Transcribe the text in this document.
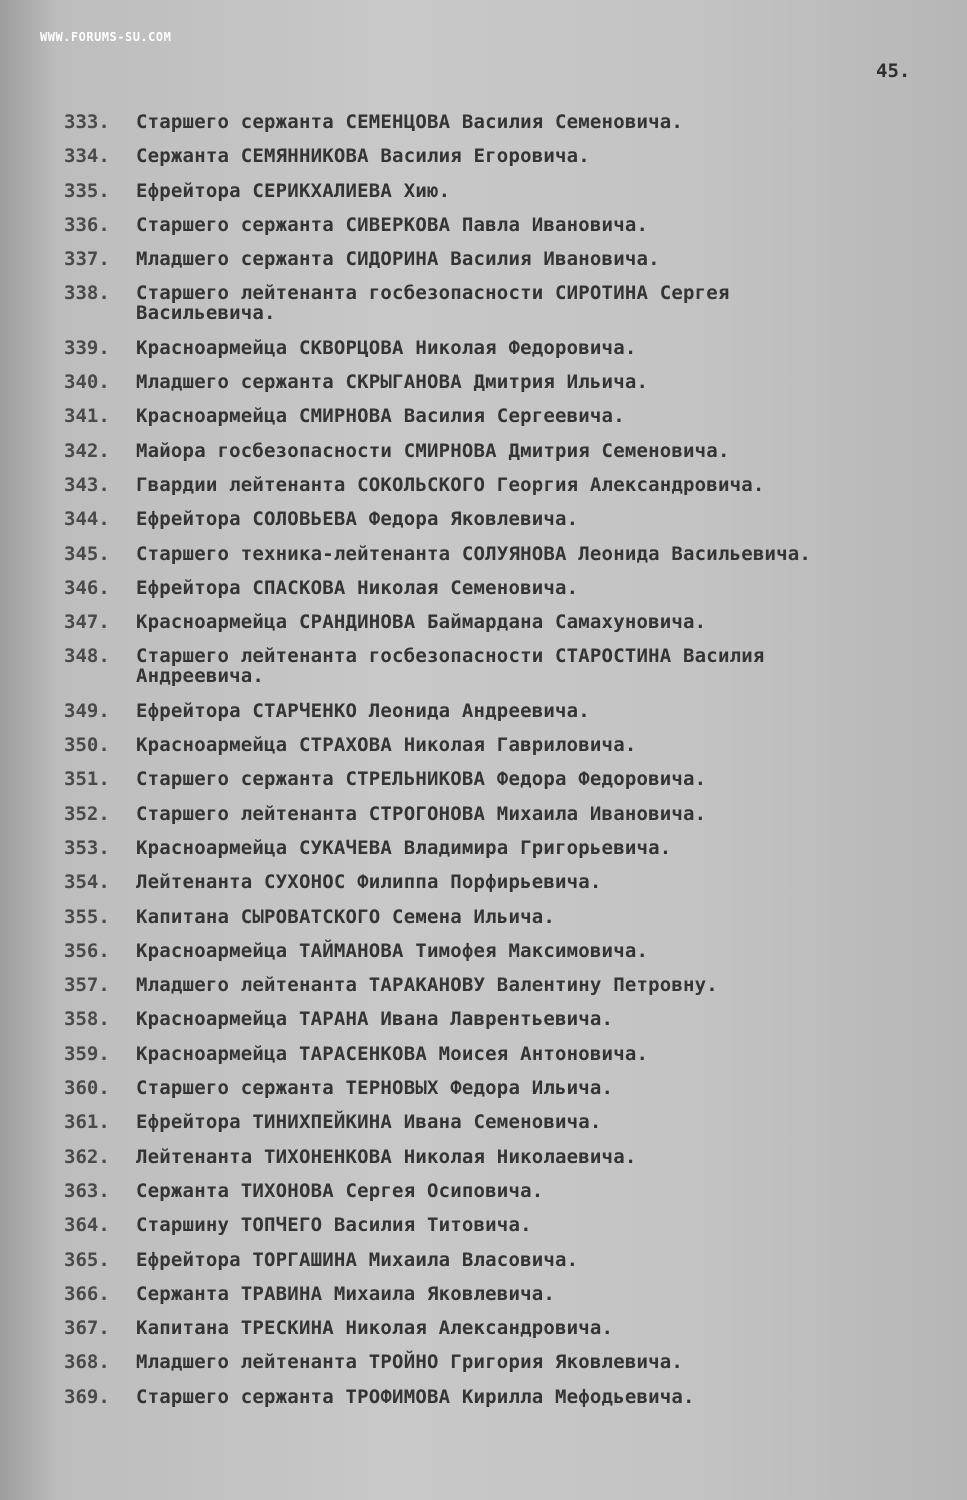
WWW.FORUMS-SU.COM
45.
333.	Старшего сержанта СЕМЕНЦОВА Василия Семеновича.
334.	Сержанта СЕМЯННИКОВА Василия Егоровича.
335.	Ефрейтора СЕРИКХАЛИЕВА Хию.
336.	Старшего сержанта СИВЕРКОВА Павла Ивановича.
337.	Младшего сержанта СИДОРИНА Василия Ивановича.
338.	Старшего лейтенанта госбезопасности СИРОТИНА Сергея
Васильевича.
339.	Красноармейца СКВОРЦОВА Николая Федоровича.
340.	Младшего сержанта СКРЫГАНОВА Дмитрия Ильича.
341.	Красноармейца СМИРНОВА Василия Сергеевича.
342.	Майора госбезопасности СМИРНОВА Дмитрия Семеновича.
343.	Гвардии лейтенанта СОКОЛЬСКОГО Георгия Александровича.
344.	Ефрейтора СОЛОВЬЕВА Федора Яковлевича.
345.	Старшего техника-лейтенанта СОЛУЯНОВА Леонида Васильевича.
346.	Ефрейтора СПАСКОВА Николая Семеновича.
347.	Красноармейца СРАНДИНОВА Баймардана Самахуновича.
348.	Старшего лейтенанта госбезопасности СТАРОСТИНА Василия
Андреевича.
349.	Ефрейтора СТАРЧЕНКО Леонида Андреевича.
350.	Красноармейца СТРАХОВА Николая Гавриловича.
351.	Старшего сержанта СТРЕЛЬНИКОВА Федора Федоровича.
352.	Старшего лейтенанта СТРОГОНОВА Михаила Ивановича.
353.	Красноармейца СУКАЧЕВА Владимира Григорьевича.
354.	Лейтенанта СУХОНОС Филиппа Порфирьевича.
355.	Капитана СЫРОВАТСКОГО Семена Ильича.
356.	Красноармейца ТАЙМАНОВА Тимофея Максимовича.
357.	Младшего лейтенанта ТАРАКАНОВУ Валентину Петровну.
358.	Красноармейца ТАРАНА Ивана Лаврентьевича.
359.	Красноармейца ТАРАСЕНКОВА Моисея Антоновича.
360.	Старшего сержанта ТЕРНОВЫХ Федора Ильича.
361.	Ефрейтора ТИНИХПЕЙКИНА Ивана Семеновича.
362.	Лейтенанта ТИХОНЕНКОВА Николая Николаевича.
363.	Сержанта ТИХОНОВА Сергея Осиповича.
364.	Старшину ТОПЧЕГО Василия Титовича.
365.	Ефрейтора ТОРГАШИНА Михаила Власовича.
366.	Сержанта ТРАВИНА Михаила Яковлевича.
367.	Капитана ТРЕСКИНА Николая Александровича.
368.	Младшего лейтенанта ТРОЙНО Григория Яковлевича.
369.	Старшего сержанта ТРОФИМОВА Кирилла Мефодьевича.
